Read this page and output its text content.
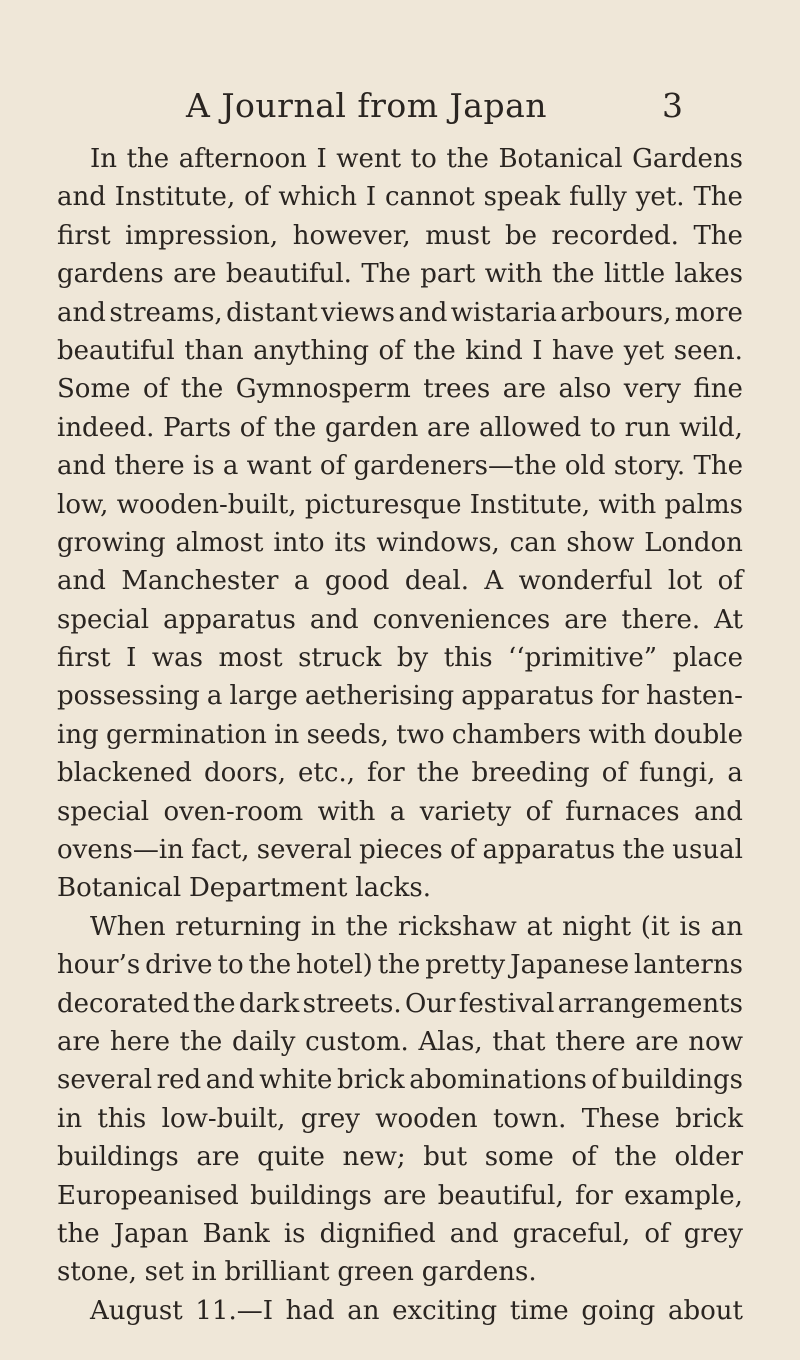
A Journal from Japan	3
In the afternoon I went to the Botanical Gardens
and Institute, of which I cannot speak fully yet. The
first impression, however, must be recorded. The
gardens are beautiful. The part with the little lakes
and streams, distant views and wistaria arbours, more
beautiful than anything of the kind I have yet seen.
Some of the Gymnosperm trees are also very fine
indeed. Parts of the garden are allowed to run wild,
and there is a want of gardeners—the old story. The
low, wooden-built, picturesque Institute, with palms
growing almost into its windows, can show London
and Manchester a good deal. A wonderful lot of
special apparatus and conveniences are there. At
first I was most struck by this ‘‘primitive” place
possessing a large aetherising apparatus for hasten-
ing germination in seeds, two chambers with double
blackened doors, etc., for the breeding of fungi, a
special oven-room with a variety of furnaces and
ovens—in fact, several pieces of apparatus the usual
Botanical Department lacks.
When returning in the rickshaw at night (it is an
hour’s drive to the hotel) the pretty Japanese lanterns
decorated the dark streets. Our festival arrangements
are here the daily custom. Alas, that there are now
several red and white brick abominations of buildings
in this low-built, grey wooden town. These brick
buildings are quite new; but some of the older
Europeanised buildings are beautiful, for example,
the Japan Bank is dignified and graceful, of grey
stone, set in brilliant green gardens.
August 11.—I had an exciting time going about
